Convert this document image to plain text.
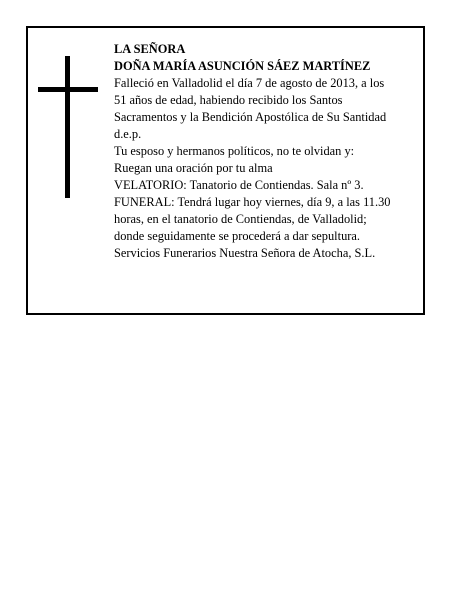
LA SEÑORA
DOÑA MARÍA ASUNCIÓN SÁEZ MARTÍNEZ
Falleció en Valladolid el día 7 de agosto de 2013, a los
51 años de edad, habiendo recibido los Santos
Sacramentos y la Bendición Apostólica de Su Santidad
d.e.p.
Tu esposo y hermanos políticos, no te olvidan y:
Ruegan una oración por tu alma
VELATORIO: Tanatorio de Contiendas. Sala nº 3.
FUNERAL: Tendrá lugar hoy viernes, día 9, a las 11.30
horas, en el tanatorio de Contiendas, de Valladolid;
donde seguidamente se procederá a dar sepultura.
Servicios Funerarios Nuestra Señora de Atocha, S.L.
